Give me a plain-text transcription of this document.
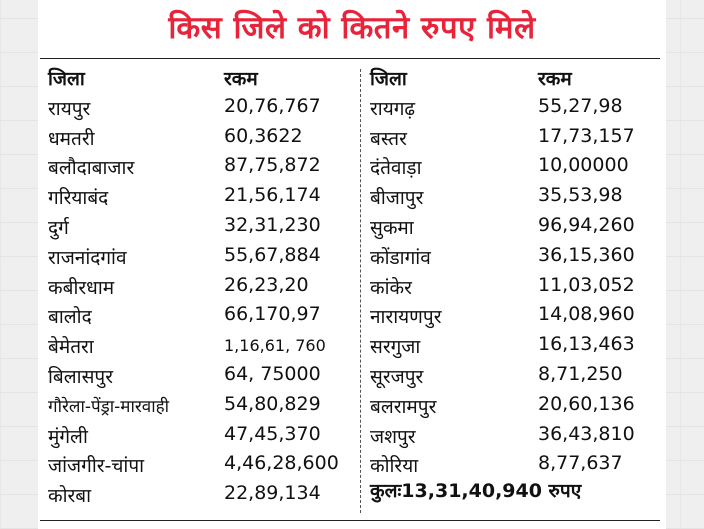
किस जिले को कितने रुपए मिले
जिला	रकम
रायपुर	20,76,767
धमतरी	60,3622
बलौदाबाजार	87,75,872
गरियाबंद	21,56,174
दुर्ग	32,31,230
राजनांदगांव	55,67,884
कबीरधाम	26,23,20
बालोद	66,170,97
बेमेतरा	1,16,61, 760
बिलासपुर	64, 75000
गौरेला-पेंड्रा-मारवाही	54,80,829
मुंगेली	47,45,370
जांजगीर-चांपा	4,46,28,600
कोरबा	22,89,134
जिला	रकम
रायगढ़	55,27,98
बस्तर	17,73,157
दंतेवाड़ा	10,00000
बीजापुर	35,53,98
सुकमा	96,94,260
कोंडागांव	36,15,360
कांकेर	11,03,052
नारायणपुर	14,08,960
सरगुजा	16,13,463
सूरजपुर	8,71,250
बलरामपुर	20,60,136
जशपुर	36,43,810
कोरिया	8,77,637
कुलः13,31,40,940 रुपए
